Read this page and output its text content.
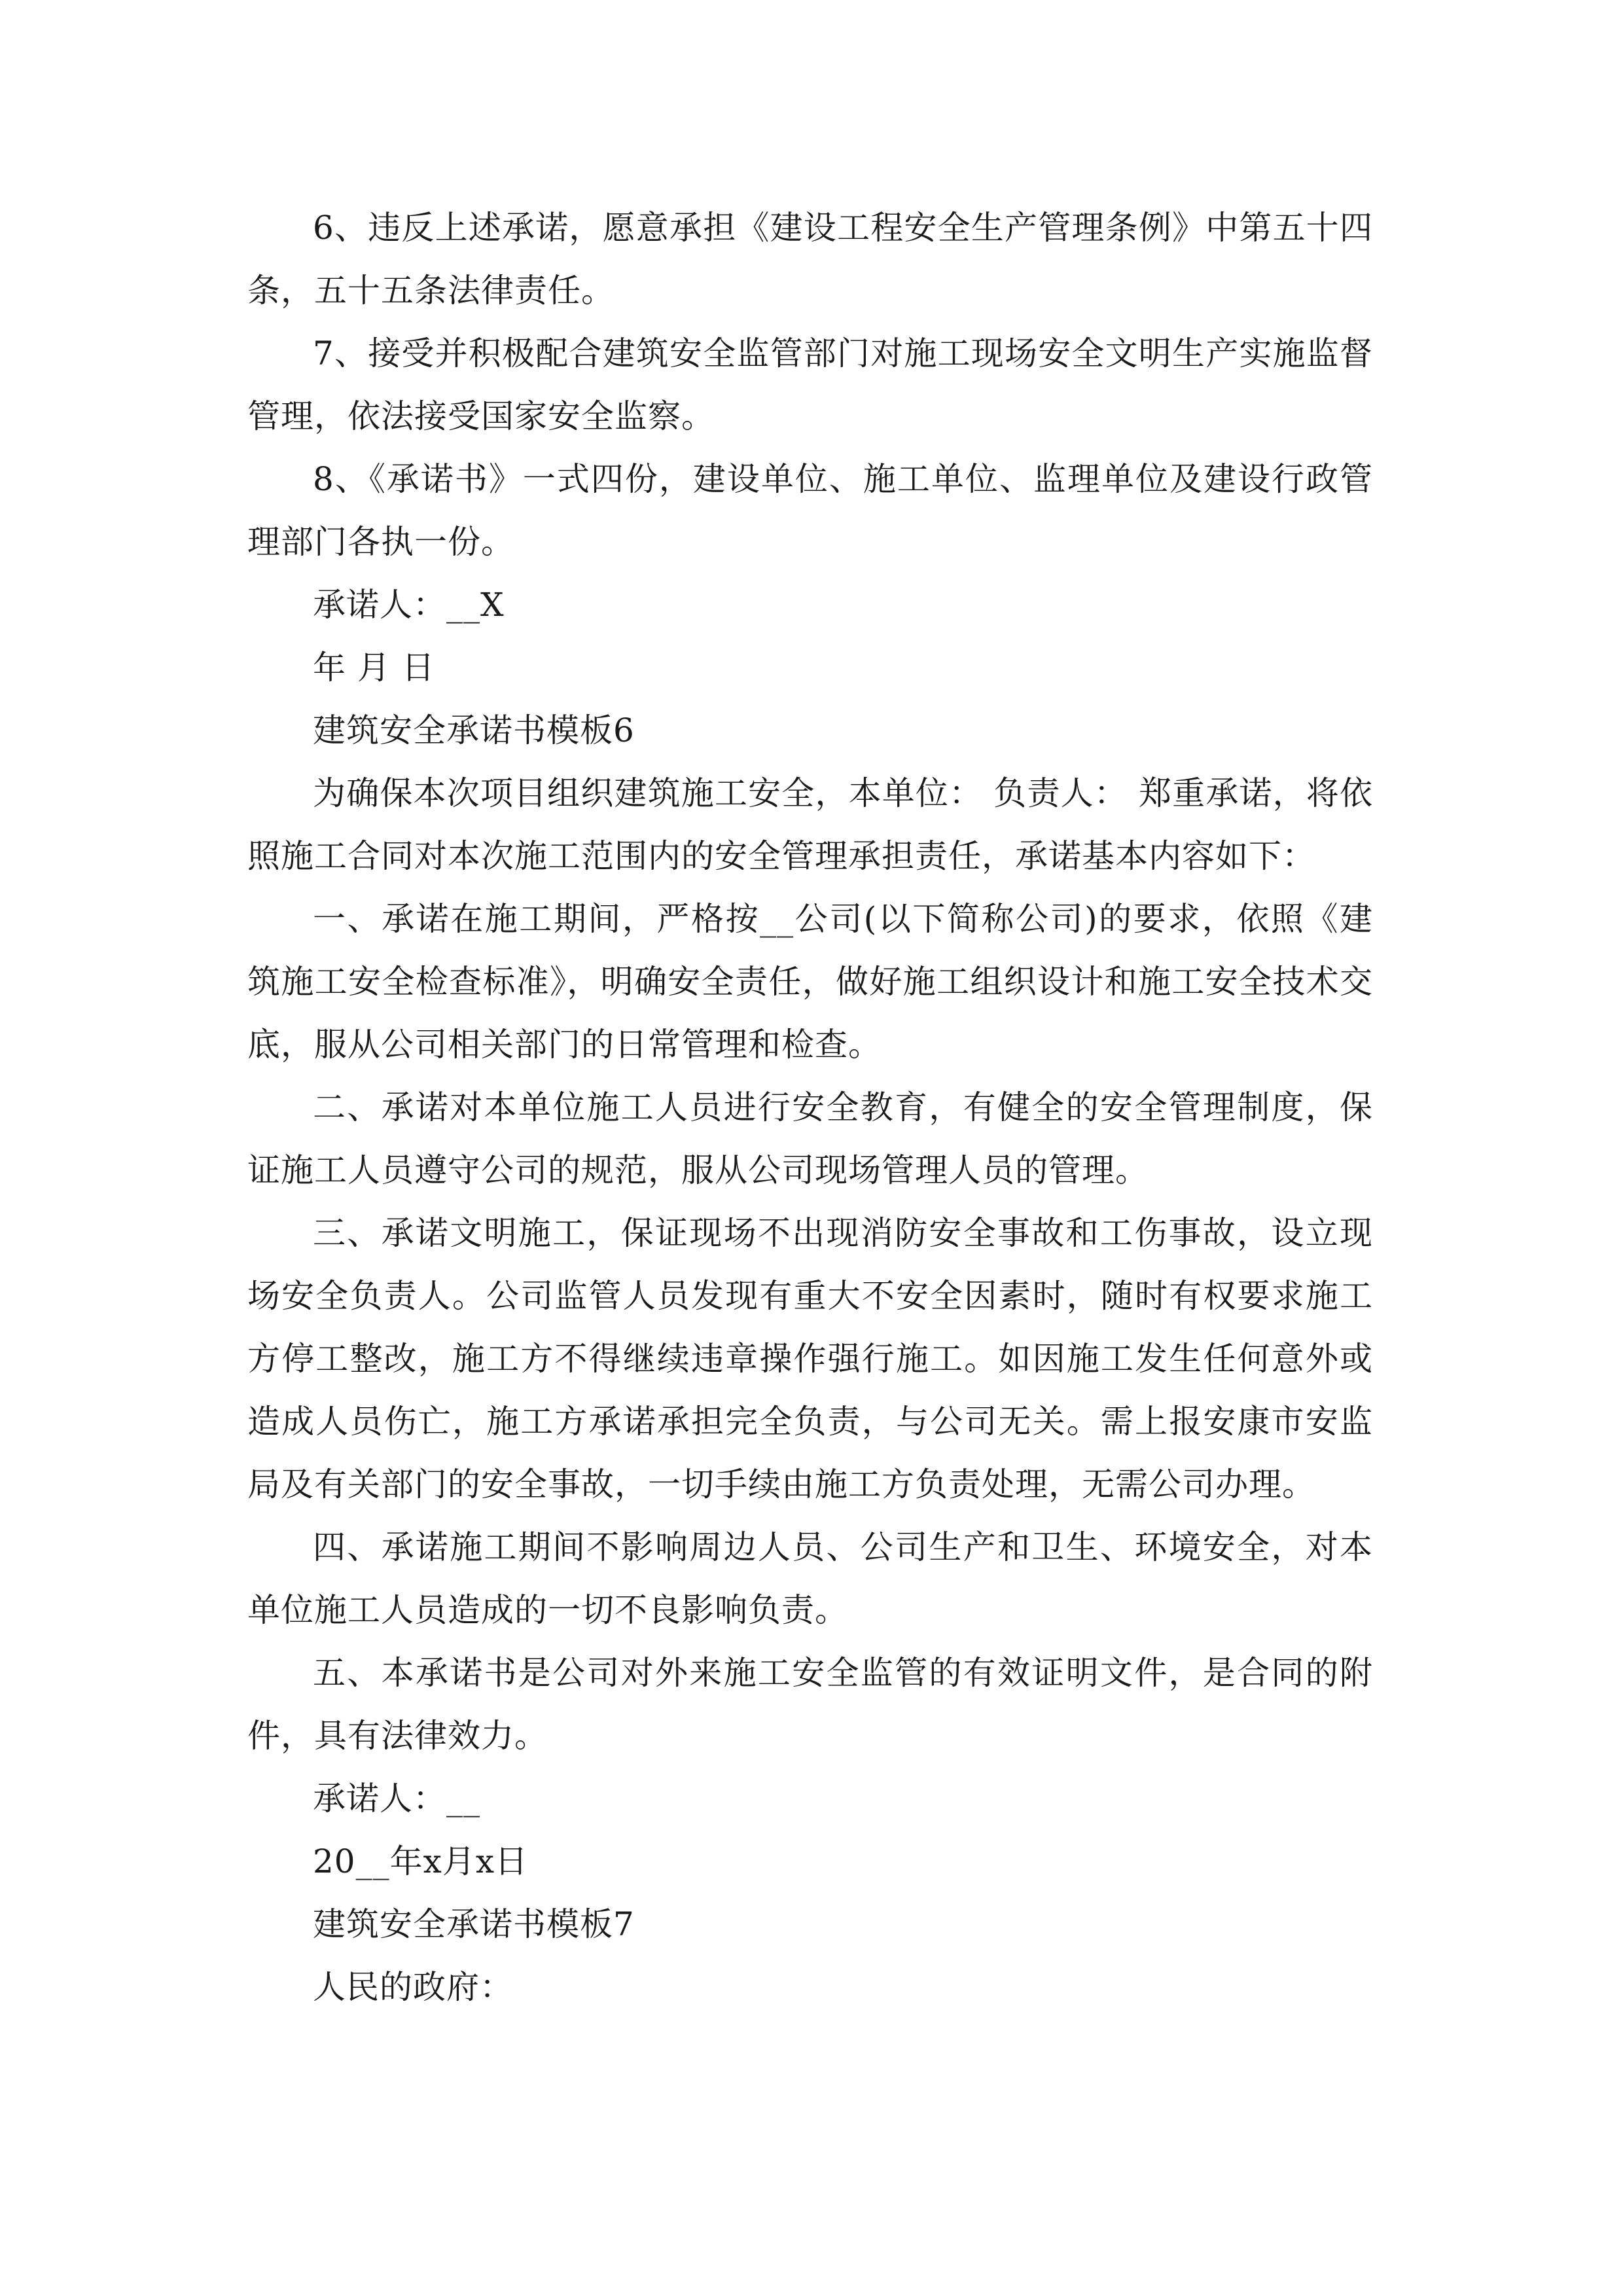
6、违反上述承诺，愿意承担《建设工程安全生产管理条例》中第五十四条，五十五条法律责任。

7、接受并积极配合建筑安全监管部门对施工现场安全文明生产实施监督管理，依法接受国家安全监察。

8、《承诺书》一式四份，建设单位、施工单位、监理单位及建设行政管理部门各执一份。

承诺人：__X

年 月 日

建筑安全承诺书模板6

为确保本次项目组织建筑施工安全，本单位： 负责人： 郑重承诺，将依照施工合同对本次施工范围内的安全管理承担责任，承诺基本内容如下：

一、承诺在施工期间，严格按__公司(以下简称公司)的要求，依照《建筑施工安全检查标准》，明确安全责任，做好施工组织设计和施工安全技术交底，服从公司相关部门的日常管理和检查。

二、承诺对本单位施工人员进行安全教育，有健全的安全管理制度，保证施工人员遵守公司的规范，服从公司现场管理人员的管理。

三、承诺文明施工，保证现场不出现消防安全事故和工伤事故，设立现场安全负责人。公司监管人员发现有重大不安全因素时，随时有权要求施工方停工整改，施工方不得继续违章操作强行施工。如因施工发生任何意外或造成人员伤亡，施工方承诺承担完全负责，与公司无关。需上报安康市安监局及有关部门的安全事故，一切手续由施工方负责处理，无需公司办理。

四、承诺施工期间不影响周边人员、公司生产和卫生、环境安全，对本单位施工人员造成的一切不良影响负责。

五、本承诺书是公司对外来施工安全监管的有效证明文件，是合同的附件，具有法律效力。

承诺人：__

20__年x月x日

建筑安全承诺书模板7

人民的政府：
